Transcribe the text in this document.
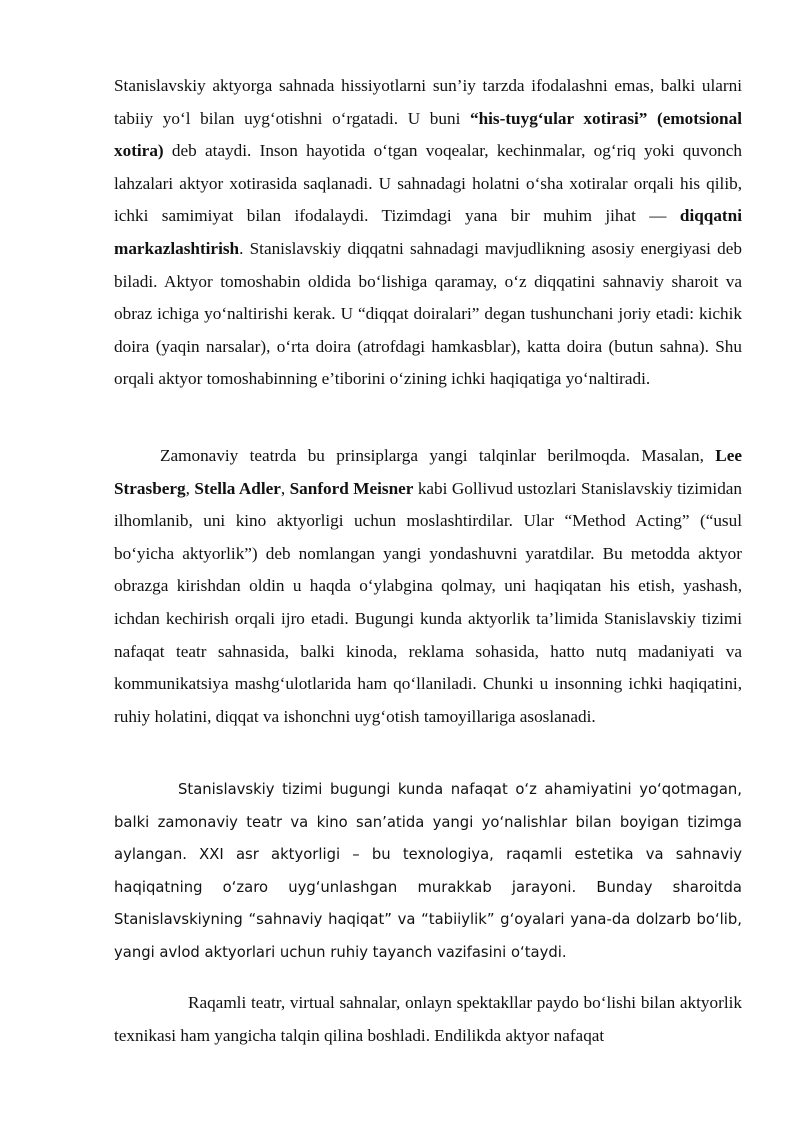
Stanislavskiy aktyorga sahnada hissiyotlarni sun’iy tarzda ifodalashni emas, balki ularni tabiiy yo‘l bilan uyg‘otishni o‘rgatadi. U buni “his-tuyg‘ular xotirasi” (emotsional xotira) deb ataydi. Inson hayotida o‘tgan voqealar, kechinmalar, og‘riq yoki quvonch lahzalari aktyor xotirasida saqlanadi. U sahnadagi holatni o‘sha xotiralar orqali his qilib, ichki samimiyat bilan ifodalaydi. Tizimdagi yana bir muhim jihat — diqqatni markazlashtirish. Stanislavskiy diqqatni sahnadagi mavjudlikning asosiy energiyasi deb biladi. Aktyor tomoshabin oldida bo‘lishiga qaramay, o‘z diqqatini sahnaviy sharoit va obraz ichiga yo‘naltirishi kerak. U “diqqat doiralari” degan tushunchani joriy etadi: kichik doira (yaqin narsalar), o‘rta doira (atrofdagi hamkasblar), katta doira (butun sahna). Shu orqali aktyor tomoshabinning e’tiborini o‘zining ichki haqiqatiga yo‘naltiradi.

Zamonaviy teatrda bu prinsiplarga yangi talqinlar berilmoqda. Masalan, Lee Strasberg, Stella Adler, Sanford Meisner kabi Gollivud ustozlari Stanislavskiy tizimidan ilhomlanib, uni kino aktyorligi uchun moslashtirdilar. Ular “Method Acting” (“usul bo‘yicha aktyorlik”) deb nomlangan yangi yondashuvni yaratdilar. Bu metodda aktyor obrazga kirishdan oldin u haqda o‘ylabgina qolmay, uni haqiqatan his etish, yashash, ichdan kechirish orqali ijro etadi. Bugungi kunda aktyorlik ta’limida Stanislavskiy tizimi nafaqat teatr sahnasida, balki kinoda, reklama sohasida, hatto nutq madaniyati va kommunikatsiya mashg‘ulotlarida ham qo‘llaniladi. Chunki u insonning ichki haqiqatini, ruhiy holatini, diqqat va ishonchni uyg‘otish tamoyillariga asoslanadi.

Stanislavskiy tizimi bugungi kunda nafaqat o‘z ahamiyatini yo‘qotmagan, balki zamonaviy teatr va kino san’atida yangi yo‘nalishlar bilan boyigan tizimga aylangan. XXI asr aktyorligi – bu texnologiya, raqamli estetika va sahnaviy haqiqatning o‘zaro uyg‘unlashgan murakkab jarayoni. Bunday sharoitda Stanislavskiyning “sahnaviy haqiqat” va “tabiiylik” g‘oyalari yana-da dolzarb bo‘lib, yangi avlod aktyorlari uchun ruhiy tayanch vazifasini o‘taydi.

Raqamli teatr, virtual sahnalar, onlayn spektakllar paydo bo‘lishi bilan aktyorlik texnikasi ham yangicha talqin qilina boshladi. Endilikda aktyor nafaqat
